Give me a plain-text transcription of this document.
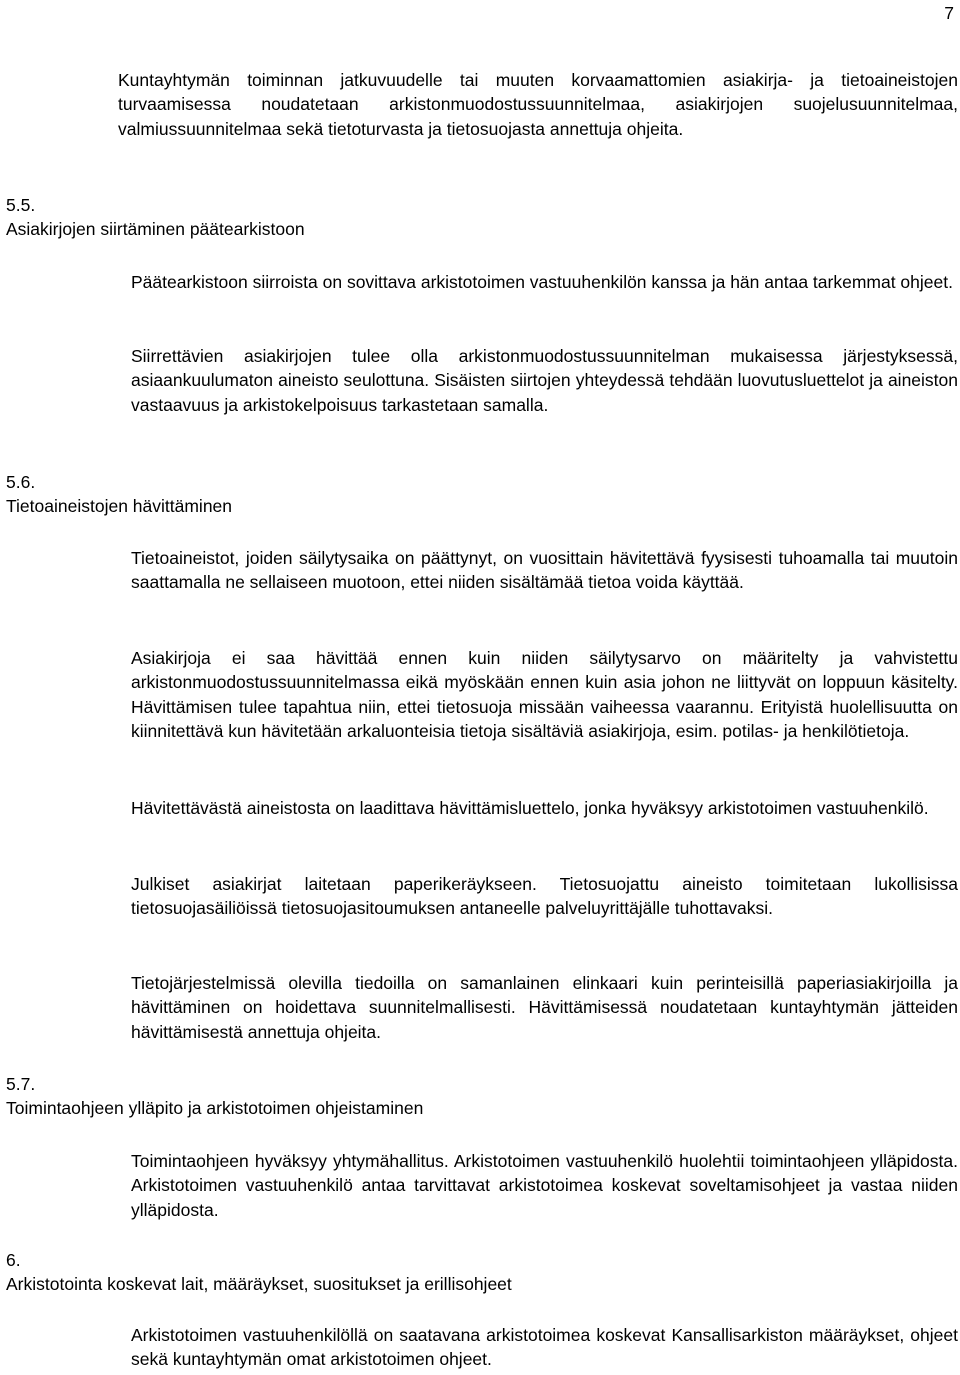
7

Kuntayhtymän toiminnan jatkuvuudelle tai muuten korvaamattomien asiakirja- ja tietoaineistojen turvaamisessa noudatetaan arkistonmuodostussuunnitelmaa, asiakirjojen suojelusuunnitelmaa, valmiussuunnitelmaa sekä tietoturvasta ja tietosuojasta annettuja ohjeita.

5.5.
Asiakirjojen siirtäminen päätearkistoon

Päätearkistoon siirroista on sovittava arkistotoimen vastuuhenkilön kanssa ja hän antaa tarkemmat ohjeet.

Siirrettävien asiakirjojen tulee olla arkistonmuodostussuunnitelman mukaisessa järjestyksessä, asiaankuulumaton aineisto seulottuna. Sisäisten siirtojen yhteydessä tehdään luovutusluettelot ja aineiston vastaavuus ja arkistokelpoisuus tarkastetaan samalla.

5.6.
Tietoaineistojen hävittäminen

Tietoaineistot, joiden säilytysaika on päättynyt, on vuosittain hävitettävä fyysisesti tuhoamalla tai muutoin saattamalla ne sellaiseen muotoon, ettei niiden sisältämää tietoa voida käyttää.

Asiakirjoja ei saa hävittää ennen kuin niiden säilytysarvo on määritelty ja vahvistettu arkistonmuodostussuunnitelmassa eikä myöskään ennen kuin asia johon ne liittyvät on loppuun käsitelty. Hävittämisen tulee tapahtua niin, ettei tietosuoja missään vaiheessa vaarannu. Erityistä huolellisuutta on kiinnitettävä kun hävitetään arkaluonteisia tietoja sisältäviä asiakirjoja, esim. potilas- ja henkilötietoja.

Hävitettävästä aineistosta on laadittava hävittämisluettelo, jonka hyväksyy arkistotoimen vastuuhenkilö.

Julkiset asiakirjat laitetaan paperikeräykseen. Tietosuojattu aineisto toimitetaan lukollisissa tietosuojasäiliöissä tietosuojasitoumuksen antaneelle palveluyrittäjälle tuhottavaksi.

Tietojärjestelmissä olevilla tiedoilla on samanlainen elinkaari kuin perinteisillä paperiasiakirjoilla ja hävittäminen on hoidettava suunnitelmallisesti. Hävittämisessä noudatetaan kuntayhtymän jätteiden hävittämisestä annettuja ohjeita.

5.7.
Toimintaohjeen ylläpito ja arkistotoimen ohjeistaminen

Toimintaohjeen hyväksyy yhtymähallitus. Arkistotoimen vastuuhenkilö huolehtii toimintaohjeen ylläpidosta. Arkistotoimen vastuuhenkilö antaa tarvittavat arkistotoimea koskevat soveltamisohjeet ja vastaa niiden ylläpidosta.

6.
Arkistotointa koskevat lait, määräykset, suositukset ja erillisohjeet

Arkistotoimen vastuuhenkilöllä on saatavana arkistotoimea koskevat Kansallisarkiston määräykset, ohjeet sekä kuntayhtymän omat arkistotoimen ohjeet.
